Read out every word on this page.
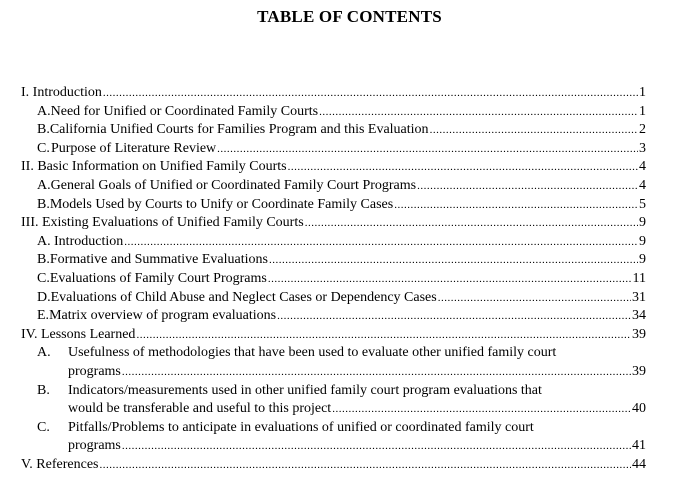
TABLE OF CONTENTS
I. Introduction .....	1
A. Need for Unified or Coordinated Family Courts .....	1
B. California Unified Courts for Families Program and this Evaluation .....	2
C. Purpose of Literature Review .....	3
II. Basic Information on Unified Family Courts .....	4
A. General Goals of Unified or Coordinated Family Court Programs .....	4
B. Models Used by Courts to Unify or Coordinate Family Cases .....	5
III. Existing Evaluations of Unified Family Courts .....	9
A. Introduction .....	9
B. Formative and Summative Evaluations .....	9
C. Evaluations of Family Court Programs .....	11
D. Evaluations of Child Abuse and Neglect Cases or Dependency Cases .....	31
E. Matrix overview of program evaluations .....	34
IV. Lessons Learned .....	39
A.	Usefulness of methodologies that have been used to evaluate other unified family court
programs .....	39
B.	Indicators/measurements used in other unified family court program evaluations that
would be transferable and useful to this project .....	40
C.	Pitfalls/Problems to anticipate in evaluations of unified or coordinated family court
programs .....	41
V. References .....	44
